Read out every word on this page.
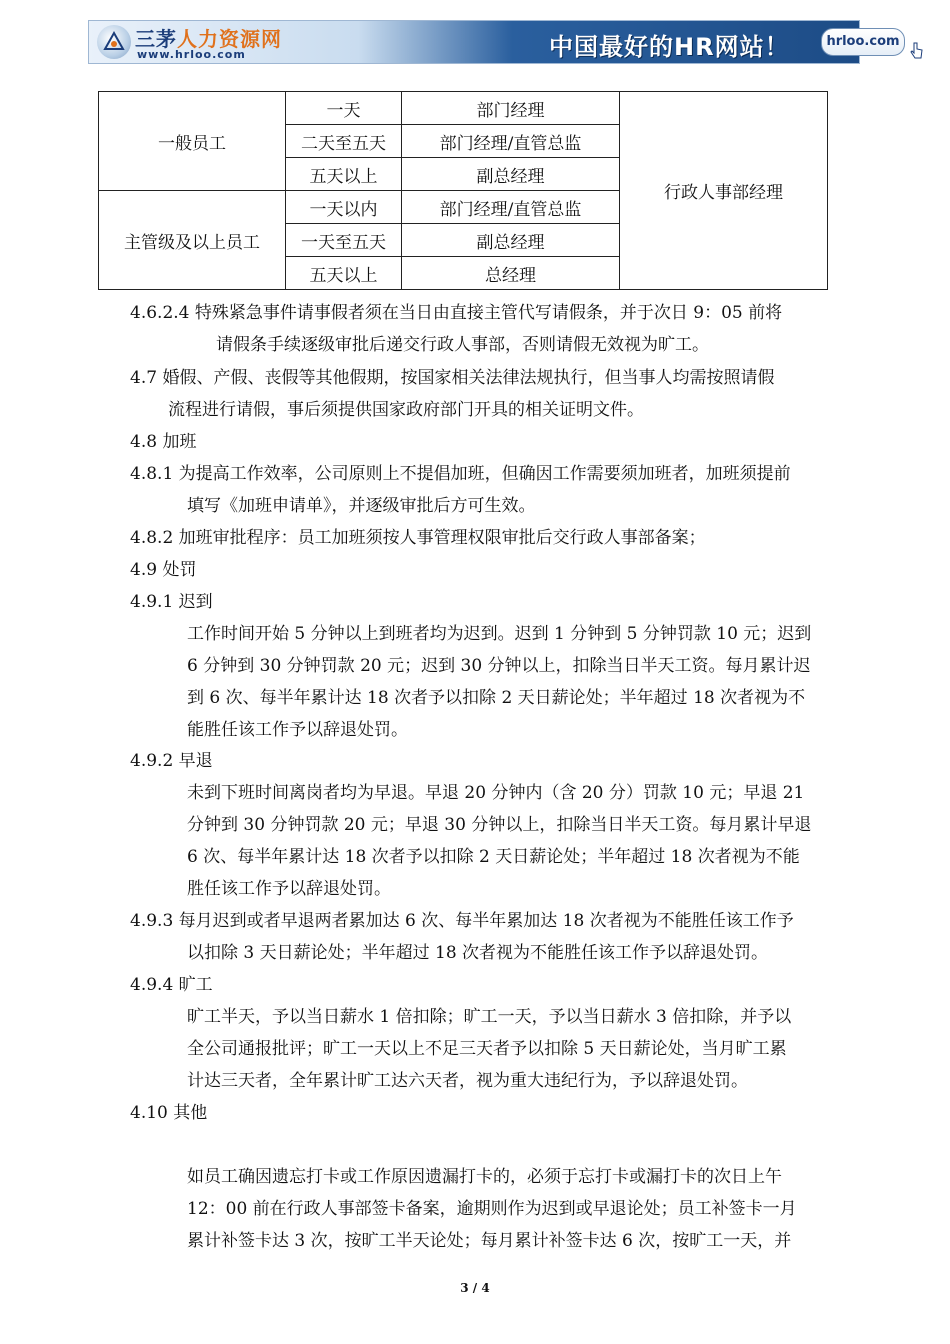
三茅人力资源网
www.hrloo.com	中国最好的HR网站！	hrloo.com
一般员工	一天	部门经理	行政人事部经理
	二天至五天	部门经理/直管总监	
	五天以上	副总经理	
主管级及以上员工	一天以内	部门经理/直管总监	
	一天至五天	副总经理	
	五天以上	总经理	
4.6.2.4 特殊紧急事件请事假者须在当日由直接主管代写请假条，并于次日 9：05 前将
请假条手续逐级审批后递交行政人事部，否则请假无效视为旷工。
4.7 婚假、产假、丧假等其他假期，按国家相关法律法规执行，但当事人均需按照请假
流程进行请假，事后须提供国家政府部门开具的相关证明文件。
4.8 加班
4.8.1 为提高工作效率，公司原则上不提倡加班，但确因工作需要须加班者，加班须提前
填写《加班申请单》，并逐级审批后方可生效。
4.8.2 加班审批程序：员工加班须按人事管理权限审批后交行政人事部备案；
4.9 处罚
4.9.1 迟到
工作时间开始 5 分钟以上到班者均为迟到。迟到 1 分钟到 5 分钟罚款 10 元；迟到
6 分钟到 30 分钟罚款 20 元；迟到 30 分钟以上，扣除当日半天工资。每月累计迟
到 6 次、每半年累计达 18 次者予以扣除 2 天日薪论处；半年超过 18 次者视为不
能胜任该工作予以辞退处罚。
4.9.2 早退
未到下班时间离岗者均为早退。早退 20 分钟内（含 20 分）罚款 10 元；早退 21
分钟到 30 分钟罚款 20 元；早退 30 分钟以上，扣除当日半天工资。每月累计早退
6 次、每半年累计达 18 次者予以扣除 2 天日薪论处；半年超过 18 次者视为不能
胜任该工作予以辞退处罚。
4.9.3 每月迟到或者早退两者累加达 6 次、每半年累加达 18 次者视为不能胜任该工作予
以扣除 3 天日薪论处；半年超过 18 次者视为不能胜任该工作予以辞退处罚。
4.9.4 旷工
旷工半天，予以当日薪水 1 倍扣除；旷工一天，予以当日薪水 3 倍扣除，并予以
全公司通报批评；旷工一天以上不足三天者予以扣除 5 天日薪论处，当月旷工累
计达三天者，全年累计旷工达六天者，视为重大违纪行为，予以辞退处罚。
4.10 其他
如员工确因遗忘打卡或工作原因遗漏打卡的，必须于忘打卡或漏打卡的次日上午
12：00 前在行政人事部签卡备案，逾期则作为迟到或早退论处；员工补签卡一月
累计补签卡达 3 次，按旷工半天论处；每月累计补签卡达 6 次，按旷工一天，并
3 / 4
